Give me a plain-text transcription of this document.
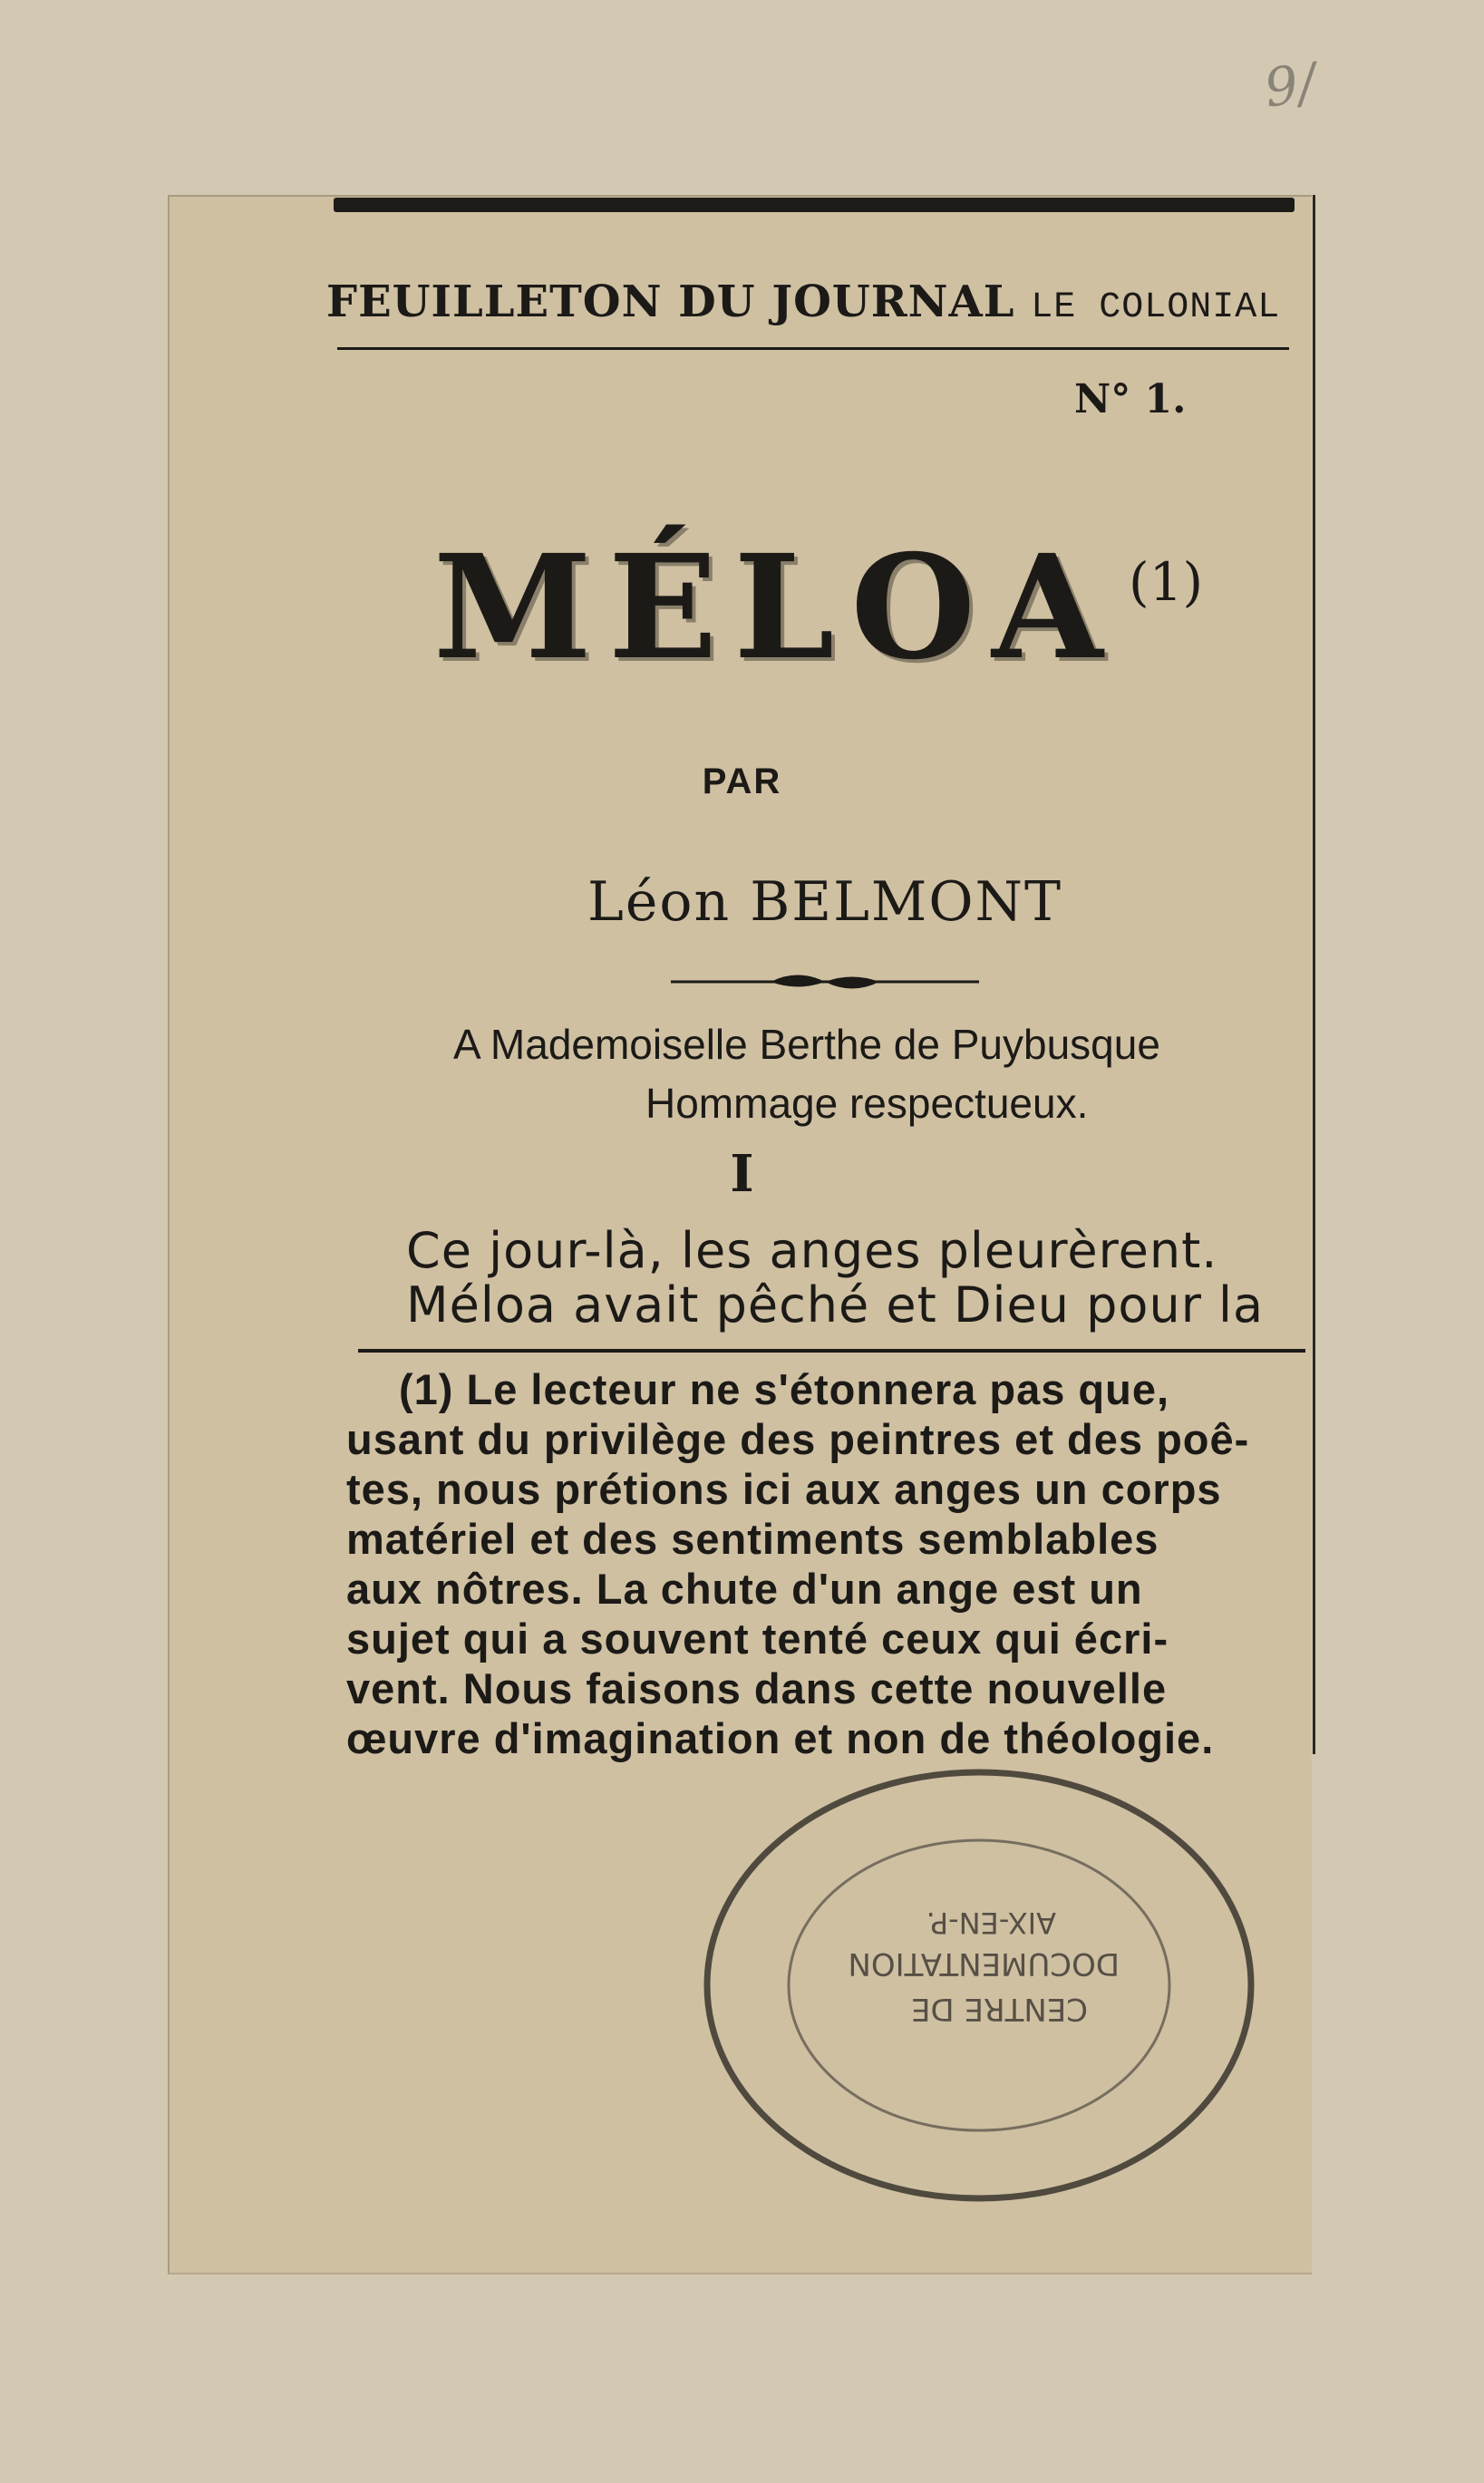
9/
FEUILLETON DU JOURNAL LE COLONIAL
N° 1.
MÉLOA (1)
PAR
Léon BELMONT
A Mademoiselle Berthe de Puybusque
Hommage respectueux.
I
Ce jour-là, les anges pleurèrent.
Méloa avait pêché et Dieu pour la
(1) Le lecteur ne s'étonnera pas que,
usant du privilège des peintres et des poê-
tes, nous prétions ici aux anges un corps
matériel et des sentiments semblables
aux nôtres. La chute d'un ange est un
sujet qui a souvent tenté ceux qui écri-
vent. Nous faisons dans cette nouvelle
œuvre d'imagination et non de théologie.
CENTRE DE
DOCUMENTATION
AIX-EN-P.
